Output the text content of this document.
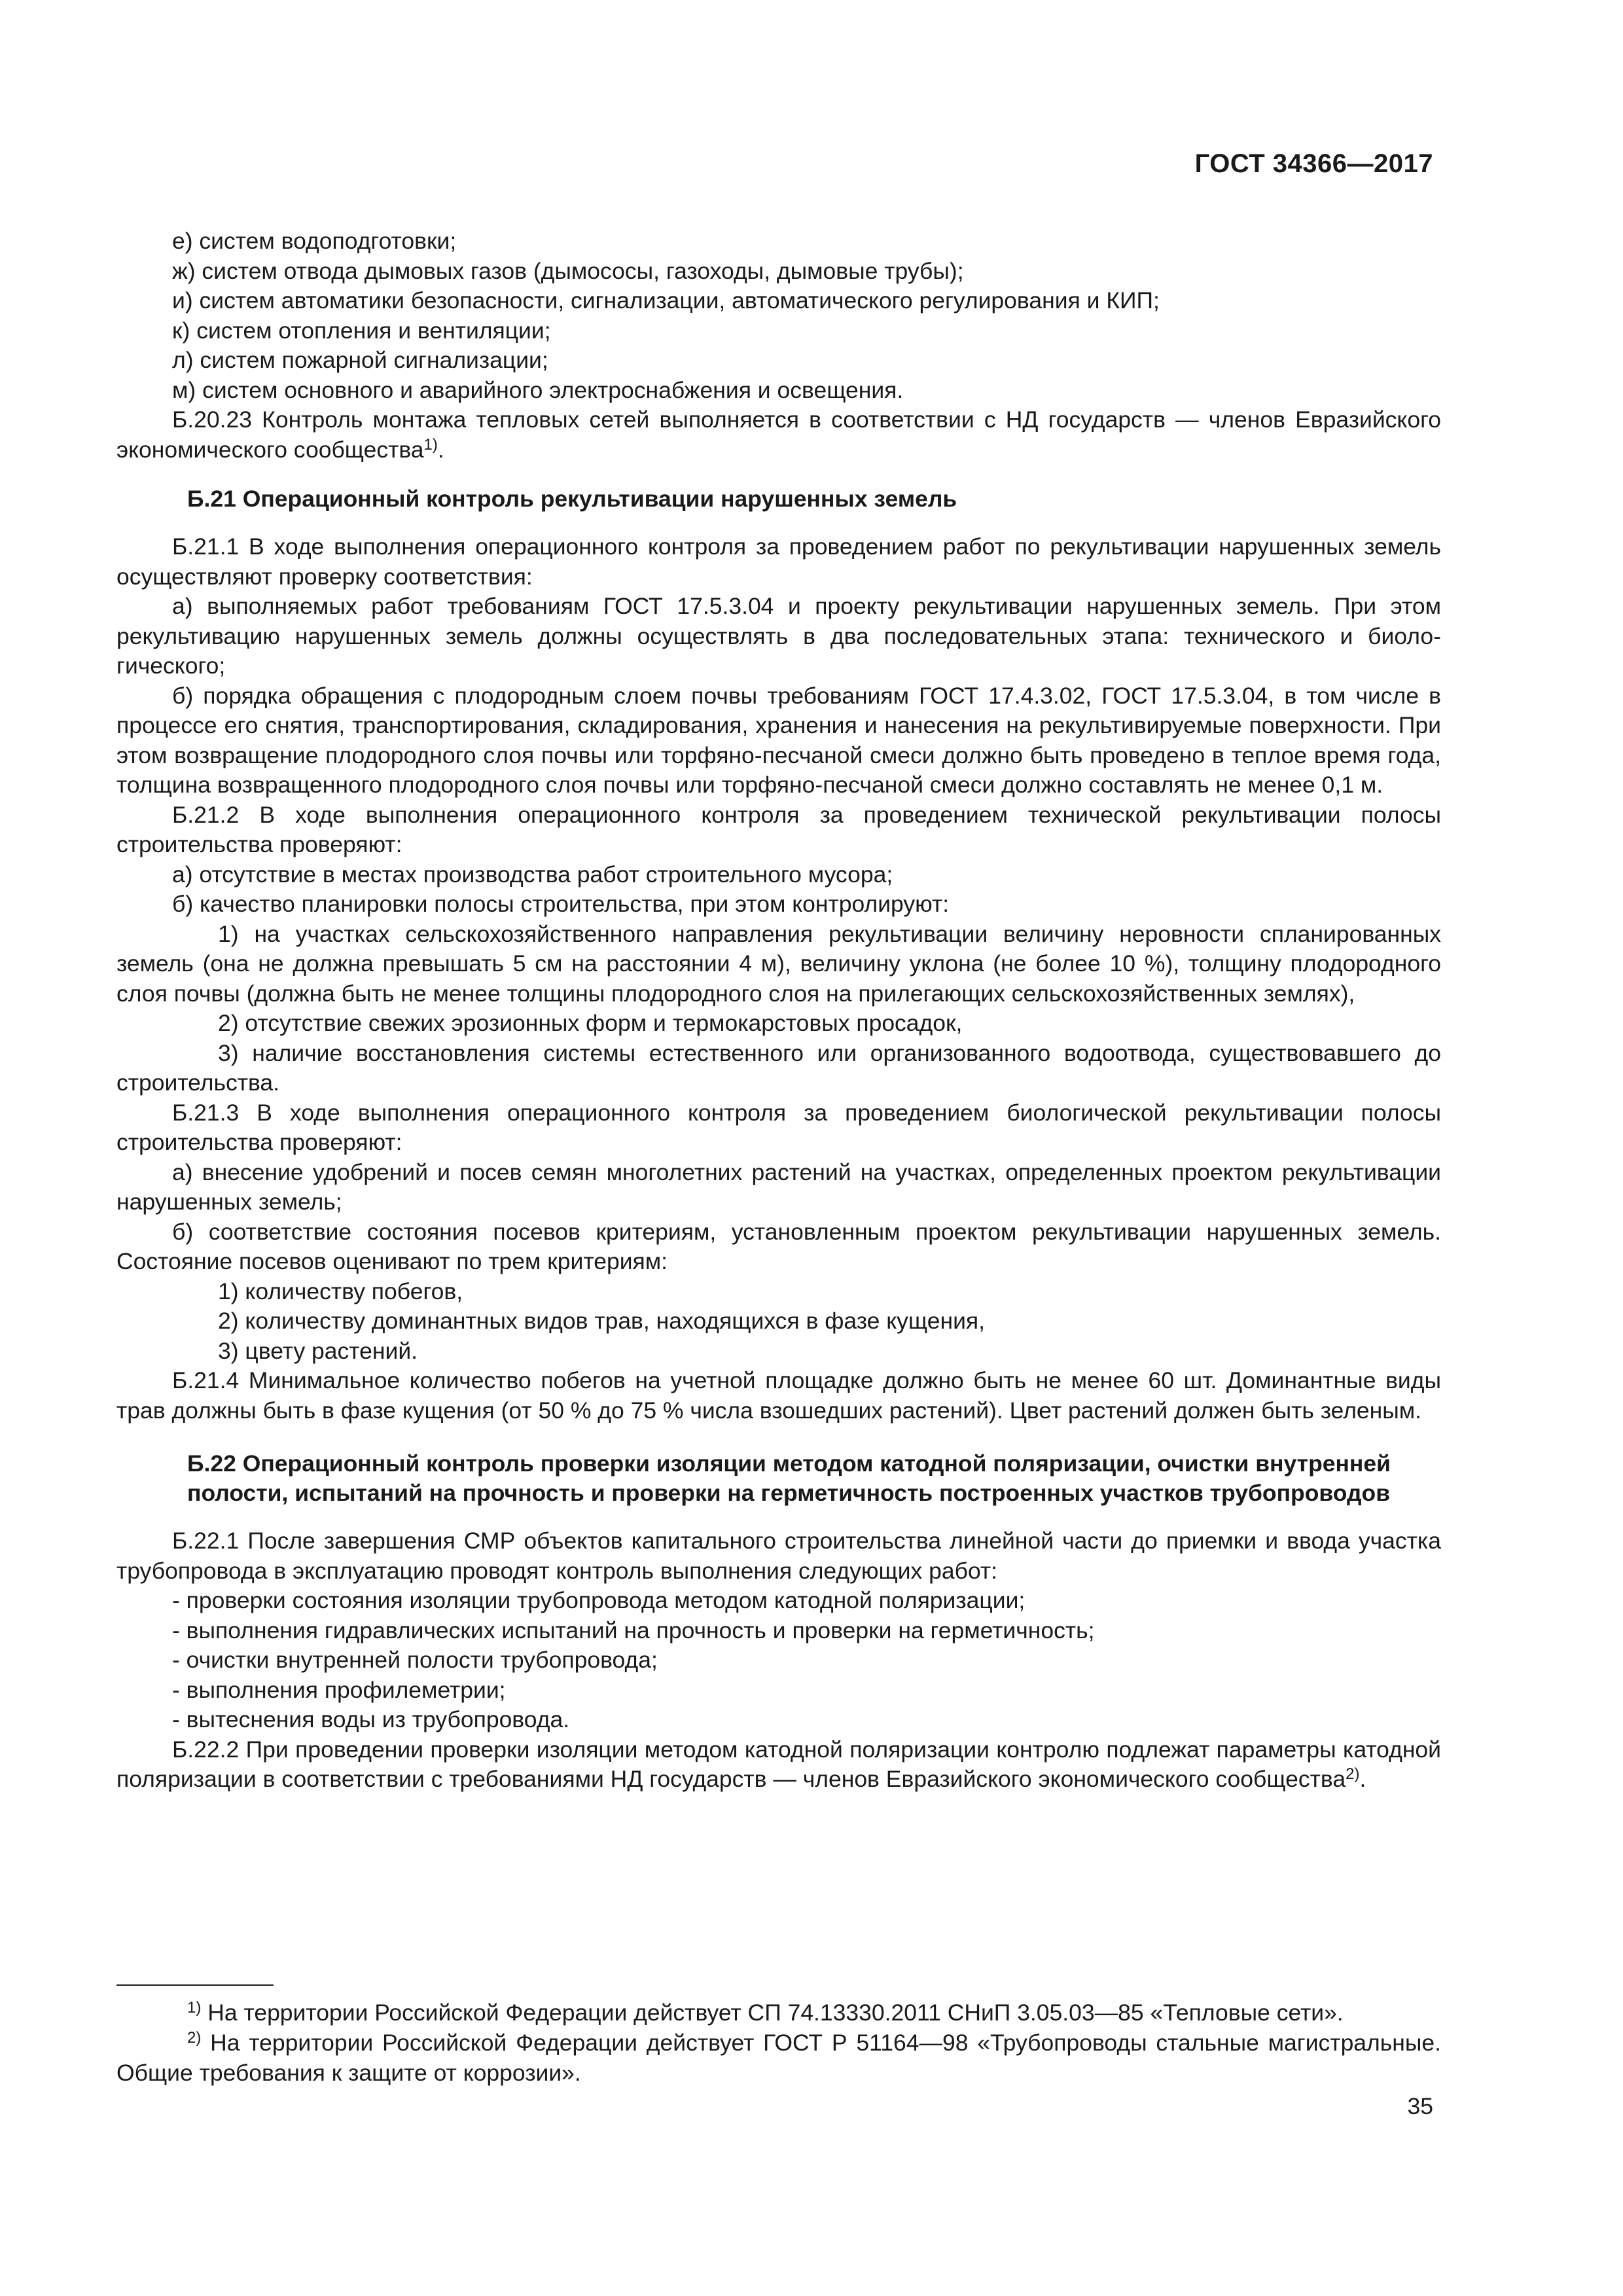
ГОСТ 34366—2017

е) систем водоподготовки;

ж) систем отвода дымовых газов (дымососы, газоходы, дымовые трубы);

и) систем автоматики безопасности, сигнализации, автоматического регулирования и КИП;

к) систем отопления и вентиляции;

л) систем пожарной сигнализации;

м) систем основного и аварийного электроснабжения и освещения.

Б.20.23 Контроль монтажа тепловых сетей выполняется в соответствии с НД государств — членов Евразийского экономического сообщества$^{1)}$.

Б.21 Операционный контроль рекультивации нарушенных земель

Б.21.1 В ходе выполнения операционного контроля за проведением работ по рекультивации нарушенных земель осуществляют проверку соответствия:

а) выполняемых работ требованиям ГОСТ 17.5.3.04 и проекту рекультивации нарушенных земель. При этом рекультивацию нарушенных земель должны осуществлять в два последовательных этапа: технического и биологического;

б) порядка обращения с плодородным слоем почвы требованиям ГОСТ 17.4.3.02, ГОСТ 17.5.3.04, в том числе в процессе его снятия, транспортирования, складирования, хранения и нанесения на рекультивируемые поверхности. При этом возвращение плодородного слоя почвы или торфяно-песчаной смеси должно быть проведено в теплое время года, толщина возвращенного плодородного слоя почвы или торфяно-песчаной смеси должно составлять не менее 0,1 м.

Б.21.2 В ходе выполнения операционного контроля за проведением технической рекультивации полосы строительства проверяют:

а) отсутствие в местах производства работ строительного мусора;

б) качество планировки полосы строительства, при этом контролируют:

1) на участках сельскохозяйственного направления рекультивации величину неровности спланированных земель (она не должна превышать 5 см на расстоянии 4 м), величину уклона (не более 10 %), толщину плодородного слоя почвы (должна быть не менее толщины плодородного слоя на прилегающих сельскохозяйственных землях),

2) отсутствие свежих эрозионных форм и термокарстовых просадок,

3) наличие восстановления системы естественного или организованного водоотвода, существовавшего до строительства.

Б.21.3 В ходе выполнения операционного контроля за проведением биологической рекультивации полосы строительства проверяют:

а) внесение удобрений и посев семян многолетних растений на участках, определенных проектом рекультивации нарушенных земель;

б) соответствие состояния посевов критериям, установленным проектом рекультивации нарушенных земель. Состояние посевов оценивают по трем критериям:

1) количеству побегов,

2) количеству доминантных видов трав, находящихся в фазе кущения,

3) цвету растений.

Б.21.4 Минимальное количество побегов на учетной площадке должно быть не менее 60 шт. Доминантные виды трав должны быть в фазе кущения (от 50 % до 75 % числа взошедших растений). Цвет растений должен быть зеленым.

Б.22 Операционный контроль проверки изоляции методом катодной поляризации, очистки внутренней полости, испытаний на прочность и проверки на герметичность построенных участков трубопроводов

Б.22.1 После завершения СМР объектов капитального строительства линейной части до приемки и ввода участка трубопровода в эксплуатацию проводят контроль выполнения следующих работ:

- проверки состояния изоляции трубопровода методом катодной поляризации;

- выполнения гидравлических испытаний на прочность и проверки на герметичность;

- очистки внутренней полости трубопровода;

- выполнения профилеметрии;

- вытеснения воды из трубопровода.

Б.22.2 При проведении проверки изоляции методом катодной поляризации контролю подлежат параметры катодной поляризации в соответствии с требованиями НД государств — членов Евразийского экономического сообщества$^{2)}$.

$^{1)}$ На территории Российской Федерации действует СП 74.13330.2011 СНиП 3.05.03—85 «Тепловые сети».

$^{2)}$ На территории Российской Федерации действует ГОСТ Р 51164—98 «Трубопроводы стальные магистральные. Общие требования к защите от коррозии».

35
